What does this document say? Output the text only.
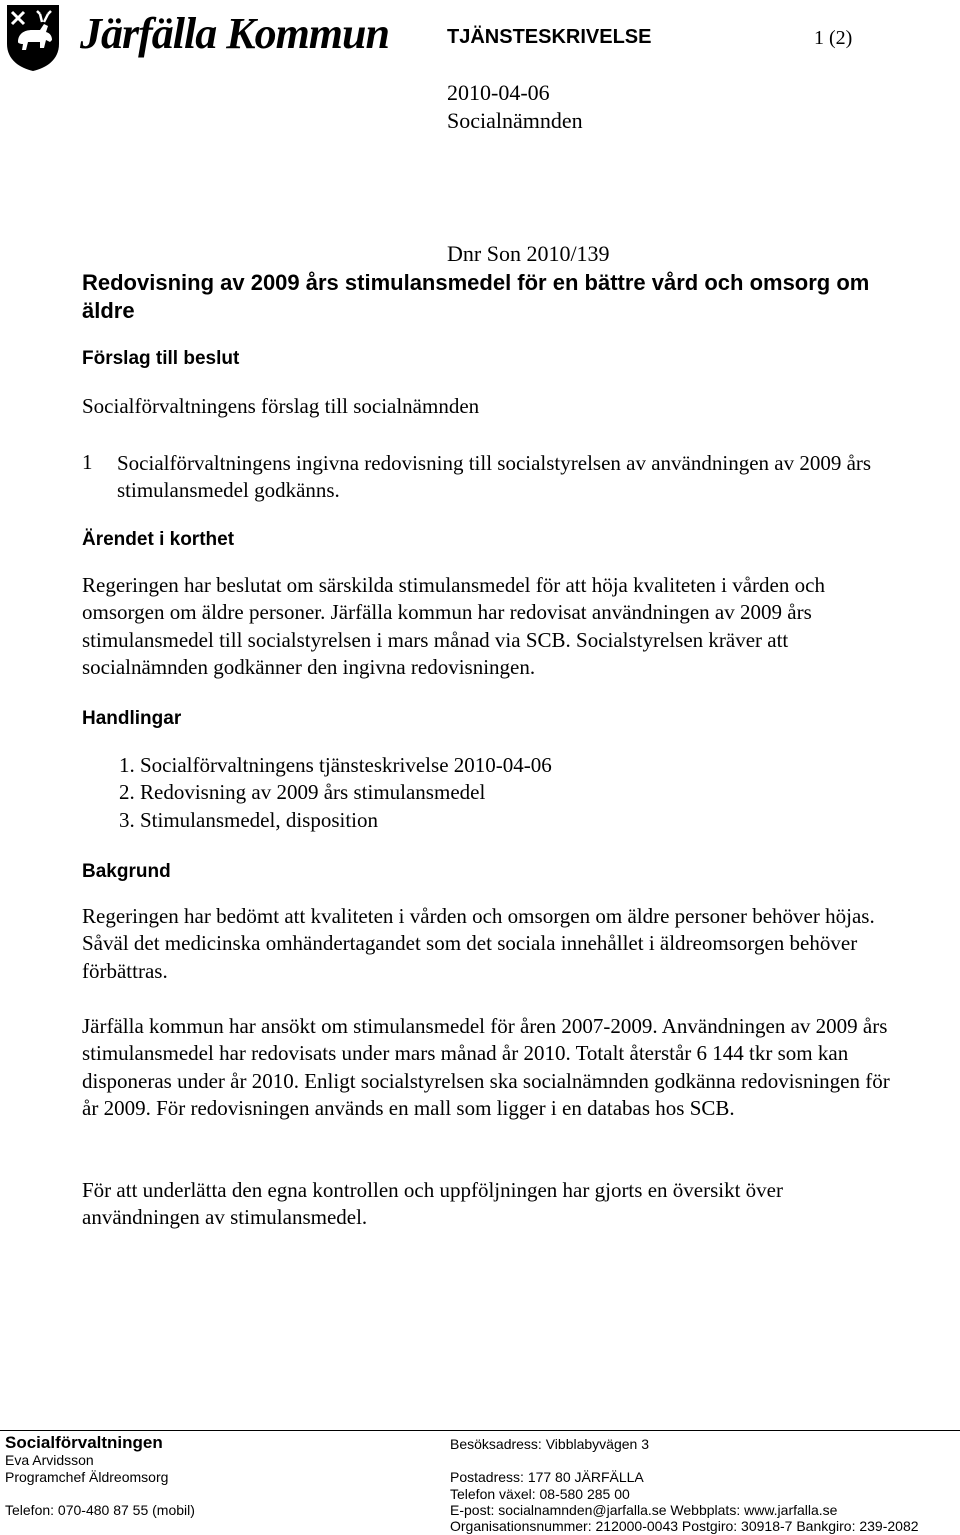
Järfälla Kommun	TJÄNSTESKRIVELSE	1 (2)
2010-04-06
Socialnämnden
Dnr Son 2010/139
Redovisning av 2009 års stimulansmedel för en bättre vård och omsorg om äldre
Förslag till beslut
Socialförvaltningens förslag till socialnämnden
1 Socialförvaltningens ingivna redovisning till socialstyrelsen av användningen av 2009 års stimulansmedel godkänns.
Ärendet i korthet
Regeringen har beslutat om särskilda stimulansmedel för att höja kvaliteten i vården och omsorgen om äldre personer. Järfälla kommun har redovisat användningen av 2009 års stimulansmedel till socialstyrelsen i mars månad via SCB. Socialstyrelsen kräver att socialnämnden godkänner den ingivna redovisningen.
Handlingar
1. Socialförvaltningens tjänsteskrivelse 2010-04-06
2. Redovisning av 2009 års stimulansmedel
3. Stimulansmedel, disposition
Bakgrund
Regeringen har bedömt att kvaliteten i vården och omsorgen om äldre personer behöver höjas. Såväl det medicinska omhändertagandet som det sociala innehållet i äldreomsorgen behöver förbättras.
Järfälla kommun har ansökt om stimulansmedel för åren 2007-2009. Användningen av 2009 års stimulansmedel har redovisats under mars månad år 2010. Totalt återstår 6 144 tkr som kan disponeras under år 2010. Enligt socialstyrelsen ska socialnämnden godkänna redovisningen för år 2009. För redovisningen används en mall som ligger i en databas hos SCB.
För att underlätta den egna kontrollen och uppföljningen har gjorts en översikt över användningen av stimulansmedel.
Socialförvaltningen
Eva Arvidsson
Programchef Äldreomsorg
Telefon: 070-480 87 55 (mobil)
Besöksadress: Vibblabyvägen 3
Postadress: 177 80 JÄRFÄLLA
Telefon växel: 08-580 285 00
E-post: socialnamnden@jarfalla.se Webbplats: www.jarfalla.se
Organisationsnummer: 212000-0043 Postgiro: 30918-7 Bankgiro: 239-2082
